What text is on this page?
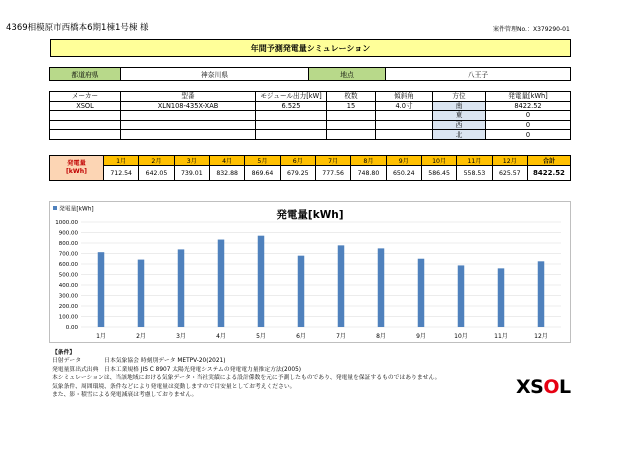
4369相模原市西橋本6期1棟1号棟 様	案件管理No.：X379290-01
年間予測発電量シミュレーション
都道府県	神奈川県	地点	八王子
メーカー	型番	モジュール出力[kW]	枚数	傾斜角	方位	発電量[kWh]
XSOL	XLN108-435X-XAB	6.525	15	4.0寸	南	8422.52
					東	0
					西	0
					北	0
発電量
[kWh]	1月	2月	3月	4月	5月	6月	7月	8月	9月	10月	11月	12月	合計
	712.54	642.05	739.01	832.88	869.64	679.25	777.56	748.80	650.24	586.45	558.53	625.57	8422.52
1000.00
900.00
800.00
700.00
600.00
500.00
400.00
300.00
200.00
100.00
0.00
1月	2月	3月	4月	5月	6月	7月	8月	9月	10月	11月	12月
発電量[kWh]	発電量[kWh]
【条件】
日射データ　　　　日本気象協会 時刻別データ METPV-20(2021)
発電量算出式出典　日本工業規格 JIS C 8907 太陽光発電システムの発電電力量推定方法(2005)
本シミュレーションは、当該地域における気象データ・当社実績による設計係数を元に予測したものであり、発電量を保証するものではありません。
気象条件、周囲環境、条件などにより発電量は変動しますので目安量としてお考えください。
また、影・積雪による発電減衰は考慮しておりません。	XS O L
